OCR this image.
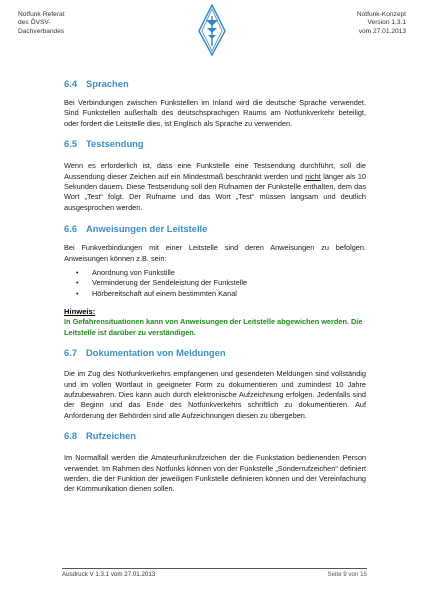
Notfunk-Referat
des ÖVSV-
Dachverbandes
Notfunk-Konzept
Version 1.3.1
vom 27.01.2013
6.4 Sprachen

Bei Verbindungen zwischen Funkstellen im Inland wird die deutsche Sprache verwendet. Sind Funkstellen außerhalb des deutschsprachigen Raums am Notfunkverkehr beteiligt, oder fordert die Leitstelle dies, ist Englisch als Sprache zu verwenden.

6.5 Testsendung

Wenn es erforderlich ist, dass eine Funkstelle eine Testsendung durchführt, soll die Aussendung dieser Zeichen auf ein Mindestmaß beschränkt werden und nicht länger als 10 Sekunden dauern. Diese Testsendung soll den Rufnamen der Funkstelle enthalten, dem das Wort „Test“ folgt. Der Rufname und das Wort „Test“ müssen langsam und deutlich ausgesprochen werden.

6.6 Anweisungen der Leitstelle

Bei Funkverbindungen mit einer Leitstelle sind deren Anweisungen zu befolgen. Anweisungen können z.B. sein:

• Anordnung von Funkstille
• Verminderung der Sendeleistung der Funkstelle
• Hörbereitschaft auf einem bestimmten Kanal
Hinweis:

In Gefahrensituationen kann von Anweisungen der Leitstelle abgewichen werden. Die Leitstelle ist darüber zu verständigen.

6.7 Dokumentation von Meldungen

Die im Zug des Notfunkverkehrs empfangenen und gesendeten Meldungen sind vollständig und im vollen Wortlaut in geeigneter Form zu dokumentieren und zumindest 10 Jahre aufzubewahren. Dies kann auch durch elektronische Aufzeichnung erfolgen. Jedenfalls sind der Beginn und das Ende des Notfunkverkehrs schriftlich zu dokumentieren. Auf Anforderung der Behörden sind alle Aufzeichnungen diesen zu übergeben.

6.8 Rufzeichen

Im Normalfall werden die Amateurfunkrufzeichen der die Funkstation bedienenden Person verwendet. Im Rahmen des Notfunks können von der Funkstelle „Sonderrufzeichen“ definiert werden, die der Funktion der jeweiligen Funkstelle definieren können und der Vereinfachung der Kommunikation dienen sollen.

Ausdruck V 1.3.1 vom 27.01.2013	Seite 9 von 15
